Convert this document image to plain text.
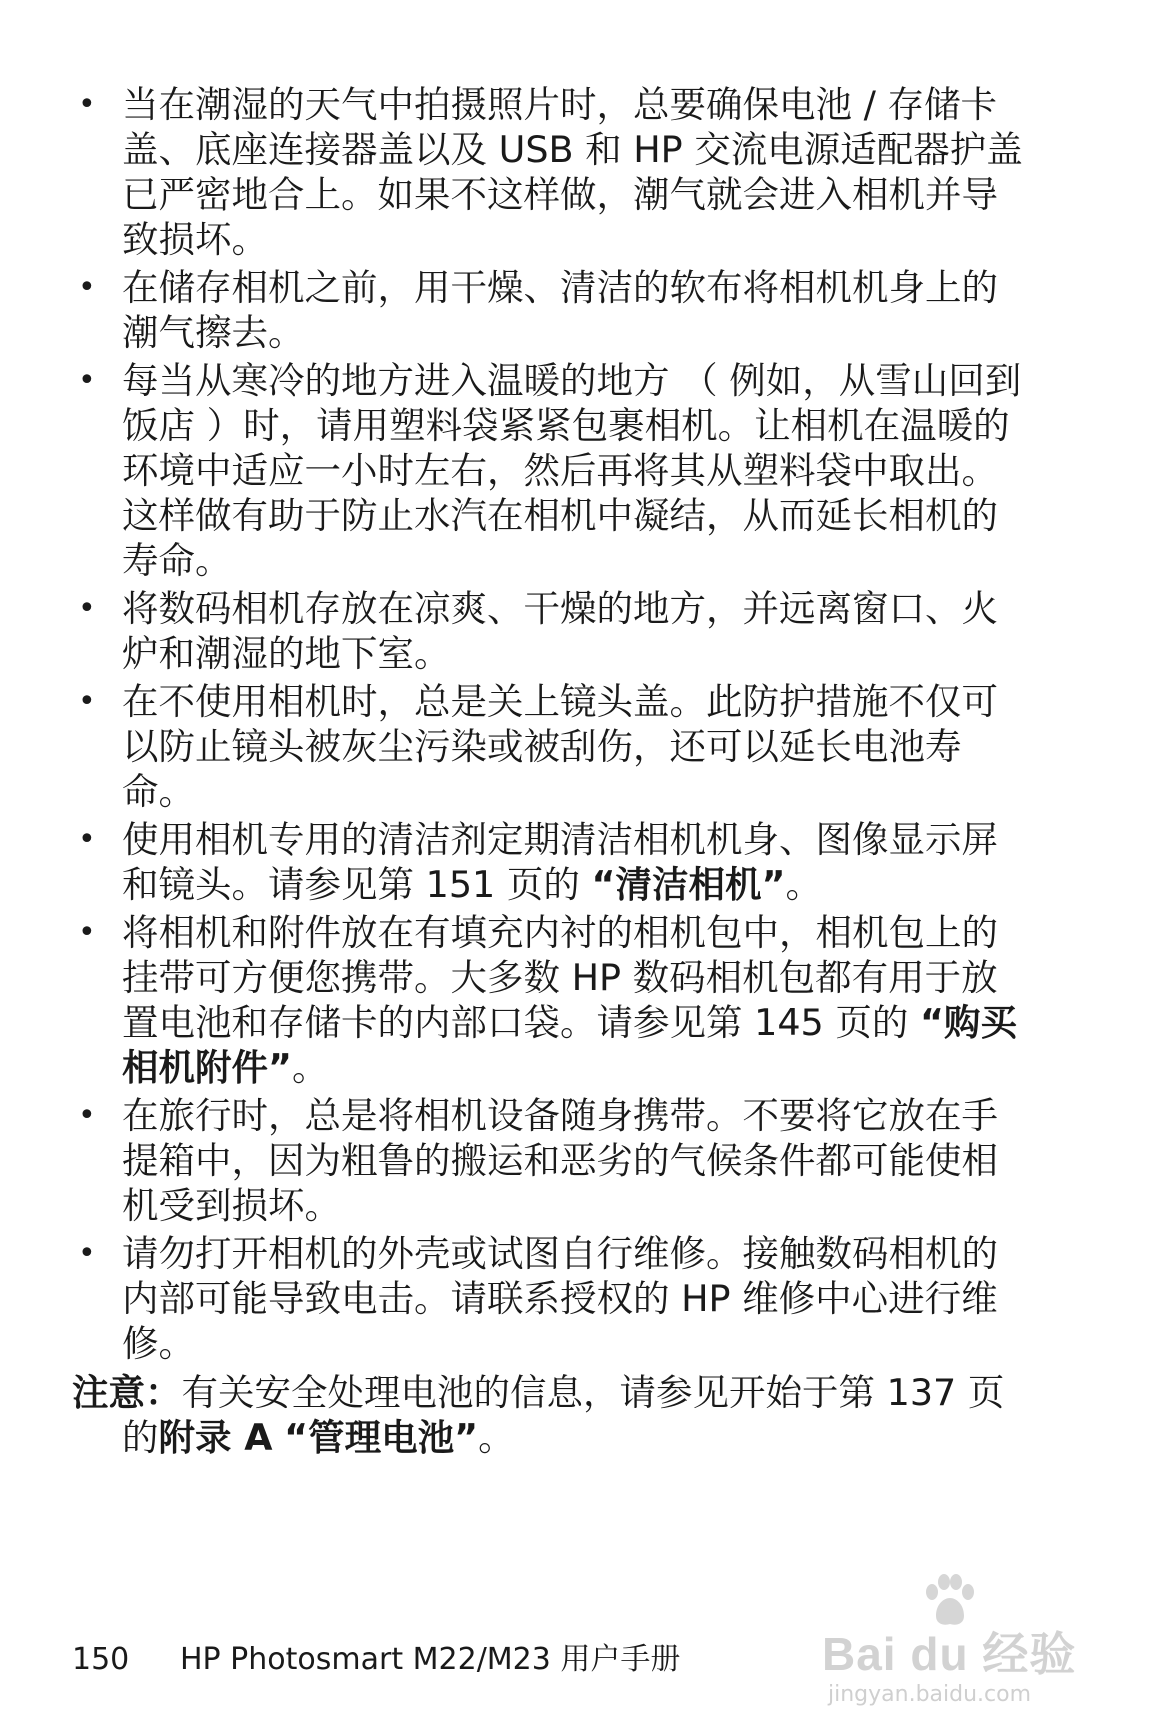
• 当在潮湿的天气中拍摄照片时，总要确保电池 / 存储卡盖、底座连接器盖以及 USB 和 HP 交流电源适配器护盖已严密地合上。如果不这样做，潮气就会进入相机并导致损坏。
• 在储存相机之前，用干燥、清洁的软布将相机机身上的潮气擦去。
• 每当从寒冷的地方进入温暖的地方 （ 例如，从雪山回到饭店 ）时，请用塑料袋紧紧包裹相机。让相机在温暖的环境中适应一小时左右，然后再将其从塑料袋中取出。这样做有助于防止水汽在相机中凝结，从而延长相机的寿命。
• 将数码相机存放在凉爽、干燥的地方，并远离窗口、火炉和潮湿的地下室。
• 在不使用相机时，总是关上镜头盖。此防护措施不仅可以防止镜头被灰尘污染或被刮伤，还可以延长电池寿命。
• 使用相机专用的清洁剂定期清洁相机机身、图像显示屏和镜头。请参见第 151 页的 “清洁相机”。
• 将相机和附件放在有填充内衬的相机包中，相机包上的挂带可方便您携带。大多数 HP 数码相机包都有用于放置电池和存储卡的内部口袋。请参见第 145 页的 “购买相机附件”。
• 在旅行时，总是将相机设备随身携带。不要将它放在手提箱中，因为粗鲁的搬运和恶劣的气候条件都可能使相机受到损坏。
• 请勿打开相机的外壳或试图自行维修。接触数码相机的内部可能导致电击。请联系授权的 HP 维修中心进行维修。
注意：有关安全处理电池的信息，请参见开始于第 137 页的附录 A “管理电池”。
150 HP Photosmart M22/M23 用户手册	Bai du 经验
jingyan.baidu.com
